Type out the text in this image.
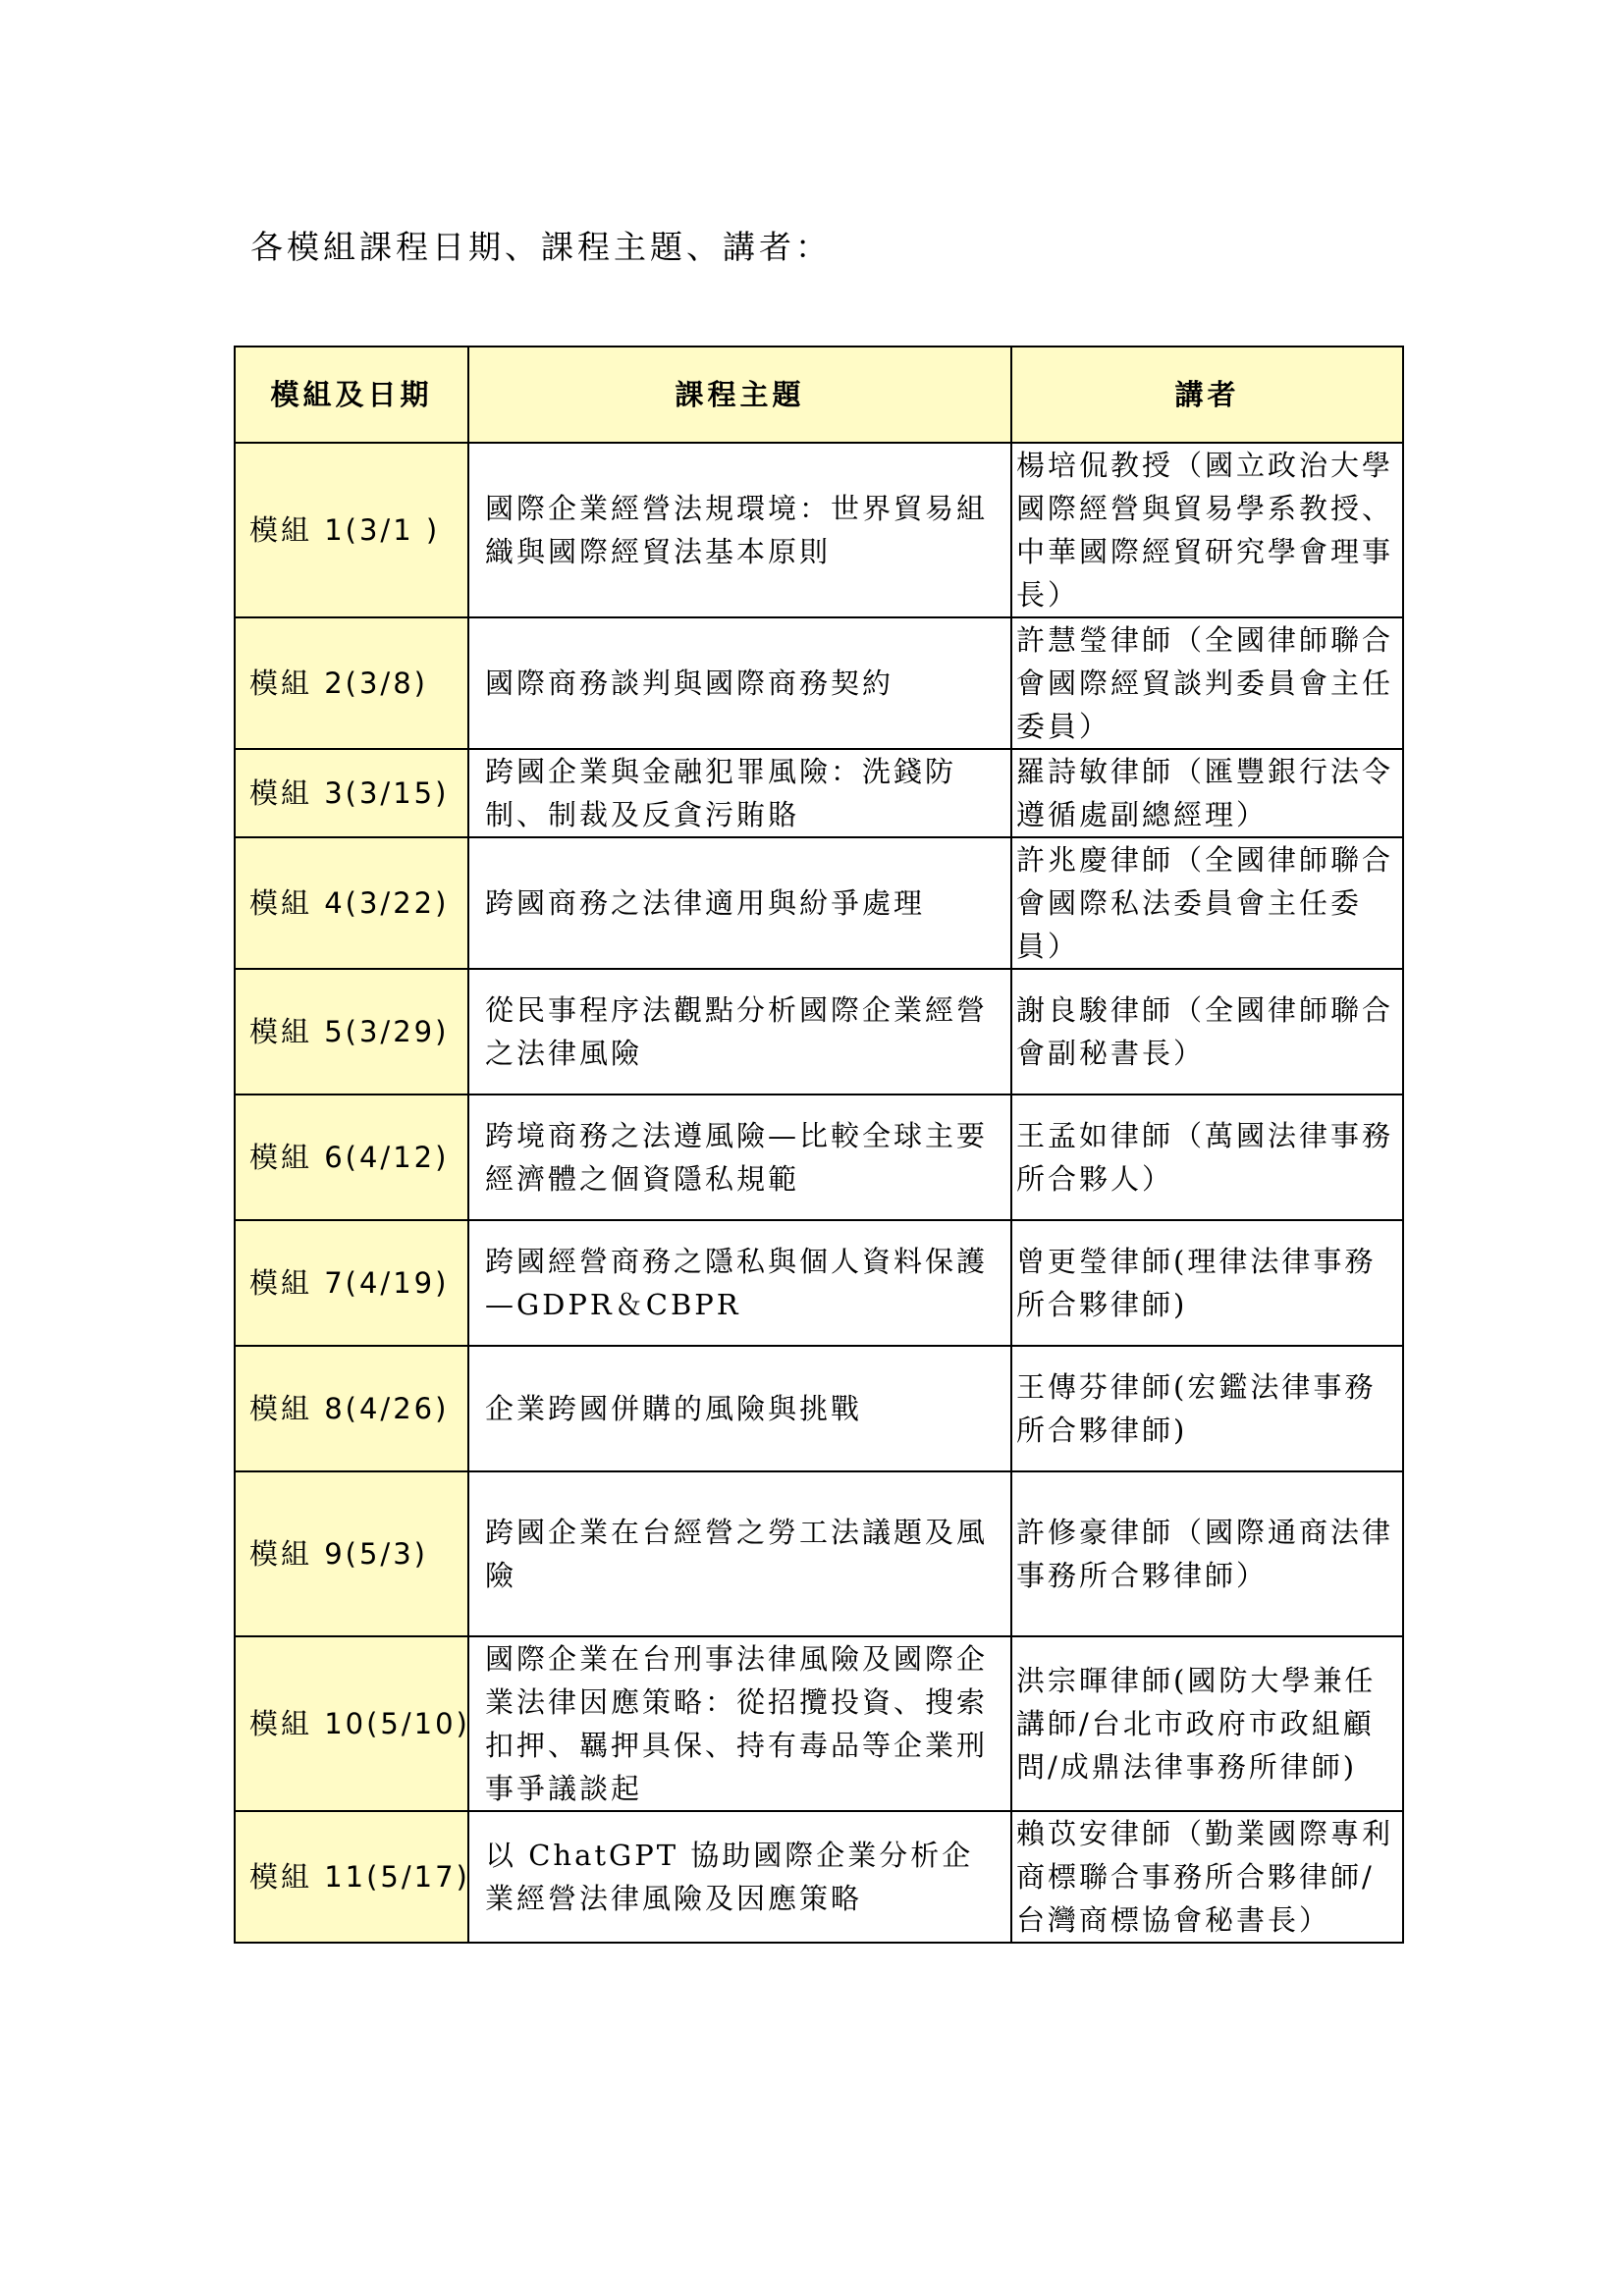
各模組課程日期、課程主題、講者：
模組及日期	課程主題	講者
模組 1(3/1 )	國際企業經營法規環境：世界貿易組織與國際經貿法基本原則	楊培侃教授（國立政治大學國際經營與貿易學系教授、中華國際經貿研究學會理事長）
模組 2(3/8)	國際商務談判與國際商務契約	許慧瑩律師（全國律師聯合會國際經貿談判委員會主任委員）
模組 3(3/15)	跨國企業與金融犯罪風險：洗錢防制、制裁及反貪污賄賂	羅詩敏律師（匯豐銀行法令遵循處副總經理）
模組 4(3/22)	跨國商務之法律適用與紛爭處理	許兆慶律師（全國律師聯合會國際私法委員會主任委員）
模組 5(3/29)	從民事程序法觀點分析國際企業經營之法律風險	謝良駿律師（全國律師聯合會副秘書長）
模組 6(4/12)	跨境商務之法遵風險—比較全球主要經濟體之個資隱私規範	王孟如律師（萬國法律事務所合夥人）
模組 7(4/19)	跨國經營商務之隱私與個人資料保護—GDPR＆CBPR	曾更瑩律師(理律法律事務所合夥律師)
模組 8(4/26)	企業跨國併購的風險與挑戰	王傳芬律師(宏鑑法律事務所合夥律師)
模組 9(5/3)	跨國企業在台經營之勞工法議題及風險	許修豪律師（國際通商法律事務所合夥律師）
模組 10(5/10)	國際企業在台刑事法律風險及國際企業法律因應策略：從招攬投資、搜索扣押、羈押具保、持有毒品等企業刑事爭議談起	洪宗暉律師(國防大學兼任講師/台北市政府市政組顧問/成鼎法律事務所律師)
模組 11(5/17)	以 ChatGPT 協助國際企業分析企業經營法律風險及因應策略	賴苡安律師（勤業國際專利商標聯合事務所合夥律師/台灣商標協會秘書長）
